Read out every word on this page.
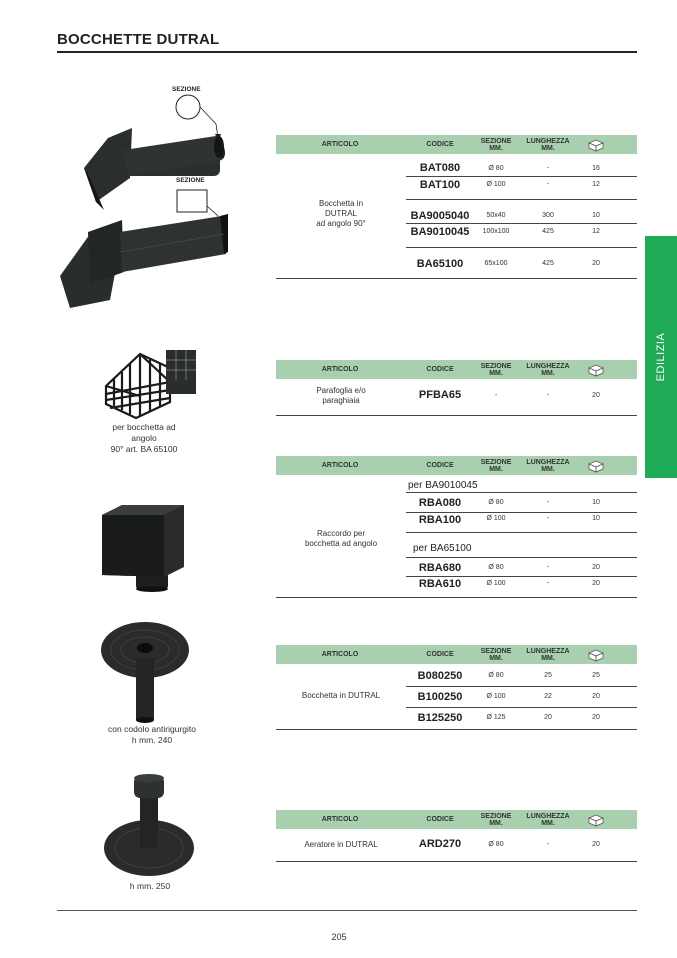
BOCCHETTE DUTRAL
EDILIZIA
SEZIONE
SEZIONE
per bocchetta ad
angolo
90° art. BA 65100
con codolo antirigurgito
h mm. 240
h mm. 250
ARTICOLO	CODICE	SEZIONE
MM.
LUNGHEZZA
MM.
Bocchetta in
DUTRAL
ad angolo 90°
BAT080	Ø 80	-	16
BAT100	Ø 100	-	12
BA9005040 50x40	300	10
BA9010045 100x100	425	12
BA65100	65x100	425	20
ARTICOLO	CODICE	SEZIONE
MM.
LUNGHEZZA
MM.
Parafoglia e/o
paraghiaia	PFBA65	-	-	20
ARTICOLO	CODICE	SEZIONE
MM.
LUNGHEZZA
MM.
per BA9010045
Raccordo per
bocchetta ad angolo
RBA080	Ø 80	-	10
RBA100	Ø 100	-	10
per BA65100
RBA680	Ø 80	-	20
RBA610	Ø 100	-	20
ARTICOLO	CODICE	SEZIONE
MM.
LUNGHEZZA
MM.
Bocchetta in DUTRAL
B080250	Ø 80	25	25
B100250	Ø 100	22	20
B125250	Ø 125	20	20
ARTICOLO	CODICE	SEZIONE
MM.
LUNGHEZZA
MM.
Aeratore in DUTRAL	ARD270	Ø 80	-	20
205
